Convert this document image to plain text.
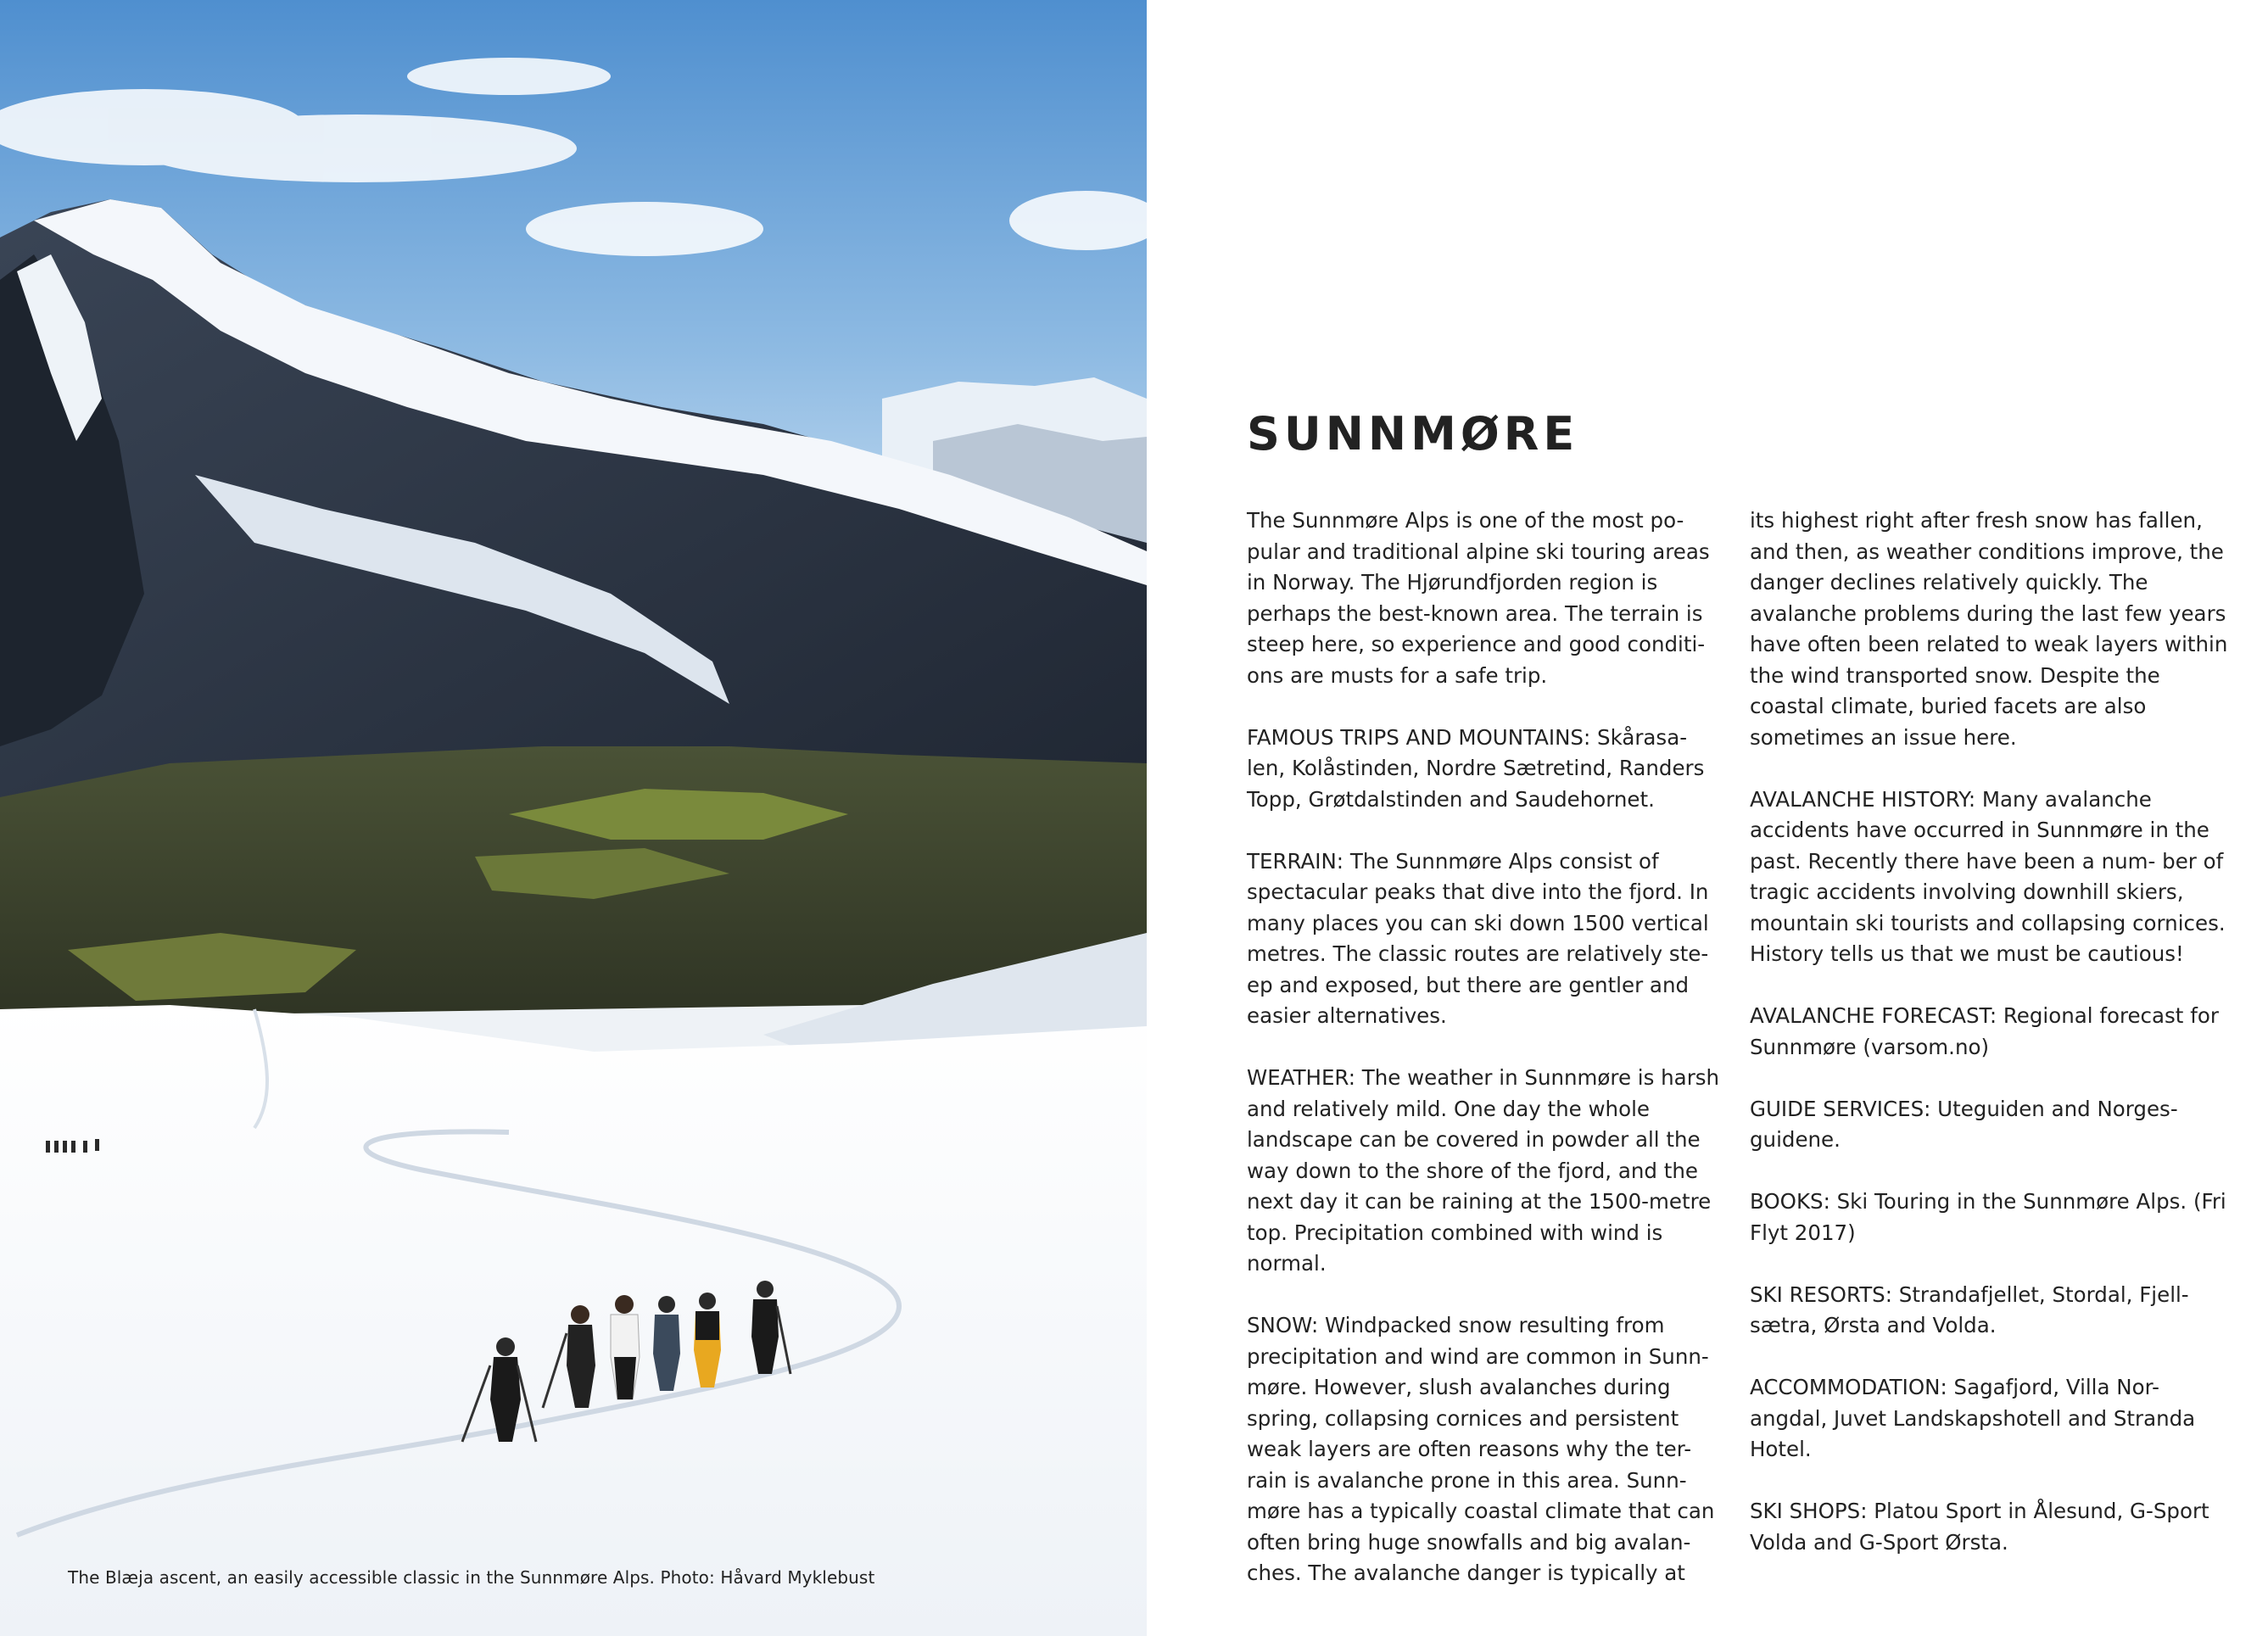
The Blæja ascent, an easily accessible classic in the Sunnmøre Alps. Photo: Håvard Myklebust

SUNNMØRE

The Sunnmøre Alps is one of the most po- pular and traditional alpine ski touring areas in Norway. The Hjørundfjorden region is perhaps the best-known area. The terrain is steep here, so experience and good conditi- ons are musts for a safe trip.

FAMOUS TRIPS AND MOUNTAINS: Skårasa- len, Kolåstinden, Nordre Sætretind, Randers Topp, Grøtdalstinden and Saudehornet.

TERRAIN: The Sunnmøre Alps consist of spectacular peaks that dive into the fjord. In many places you can ski down 1500 vertical metres. The classic routes are relatively ste- ep and exposed, but there are gentler and easier alternatives.

WEATHER: The weather in Sunnmøre is harsh and relatively mild. One day the whole landscape can be covered in powder all the way down to the shore of the fjord, and the next day it can be raining at the 1500-metre top. Precipitation combined with wind is normal.

SNOW: Windpacked snow resulting from precipitation and wind are common in Sunn- møre. However, slush avalanches during spring, collapsing cornices and persistent weak layers are often reasons why the ter- rain is avalanche prone in this area. Sunn- møre has a typically coastal climate that can often bring huge snowfalls and big avalan- ches. The avalanche danger is typically at

its highest right after fresh snow has fallen, and then, as weather conditions improve, the danger declines relatively quickly. The avalanche problems during the last few years have often been related to weak layers within the wind transported snow. Despite the coastal climate, buried facets are also sometimes an issue here.

AVALANCHE HISTORY: Many avalanche accidents have occurred in Sunnmøre in the past. Recently there have been a num- ber of tragic accidents involving downhill skiers, mountain ski tourists and collapsing cornices. History tells us that we must be cautious!

AVALANCHE FORECAST: Regional forecast for Sunnmøre (varsom.no)

GUIDE SERVICES: Uteguiden and Norges- guidene.

BOOKS: Ski Touring in the Sunnmøre Alps. (Fri Flyt 2017)

SKI RESORTS: Strandafjellet, Stordal, Fjell- sætra, Ørsta and Volda.

ACCOMMODATION: Sagafjord, Villa Nor- angdal, Juvet Landskapshotell and Stranda Hotel.

SKI SHOPS: Platou Sport in Ålesund, G-Sport Volda and G-Sport Ørsta.
